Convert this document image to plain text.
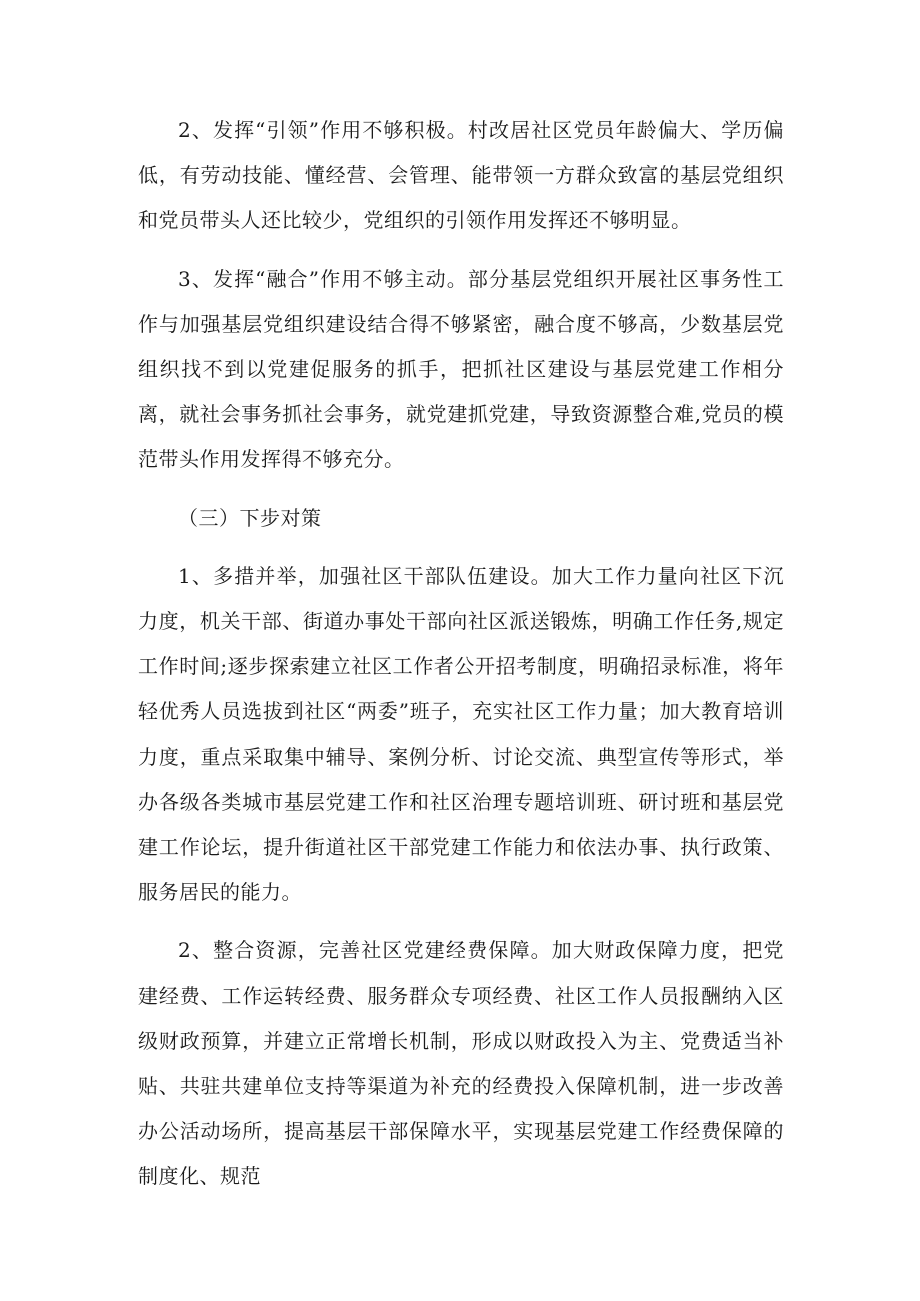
2、发挥“引领”作用不够积极。村改居社区党员年龄偏大、学历偏低，有劳动技能、懂经营、会管理、能带领一方群众致富的基层党组织和党员带头人还比较少，党组织的引领作用发挥还不够明显。

3、发挥“融合”作用不够主动。部分基层党组织开展社区事务性工作与加强基层党组织建设结合得不够紧密，融合度不够高，少数基层党组织找不到以党建促服务的抓手，把抓社区建设与基层党建工作相分离，就社会事务抓社会事务，就党建抓党建，导致资源整合难,党员的模范带头作用发挥得不够充分。

（三）下步对策

1、多措并举，加强社区干部队伍建设。加大工作力量向社区下沉力度，机关干部、街道办事处干部向社区派送锻炼，明确工作任务,规定工作时间;逐步探索建立社区工作者公开招考制度，明确招录标准，将年轻优秀人员选拔到社区“两委”班子，充实社区工作力量；加大教育培训力度，重点采取集中辅导、案例分析、讨论交流、典型宣传等形式，举办各级各类城市基层党建工作和社区治理专题培训班、研讨班和基层党建工作论坛，提升街道社区干部党建工作能力和依法办事、执行政策、服务居民的能力。

2、整合资源，完善社区党建经费保障。加大财政保障力度，把党建经费、工作运转经费、服务群众专项经费、社区工作人员报酬纳入区级财政预算，并建立正常增长机制，形成以财政投入为主、党费适当补贴、共驻共建单位支持等渠道为补充的经费投入保障机制，进一步改善办公活动场所，提高基层干部保障水平，实现基层党建工作经费保障的制度化、规范
